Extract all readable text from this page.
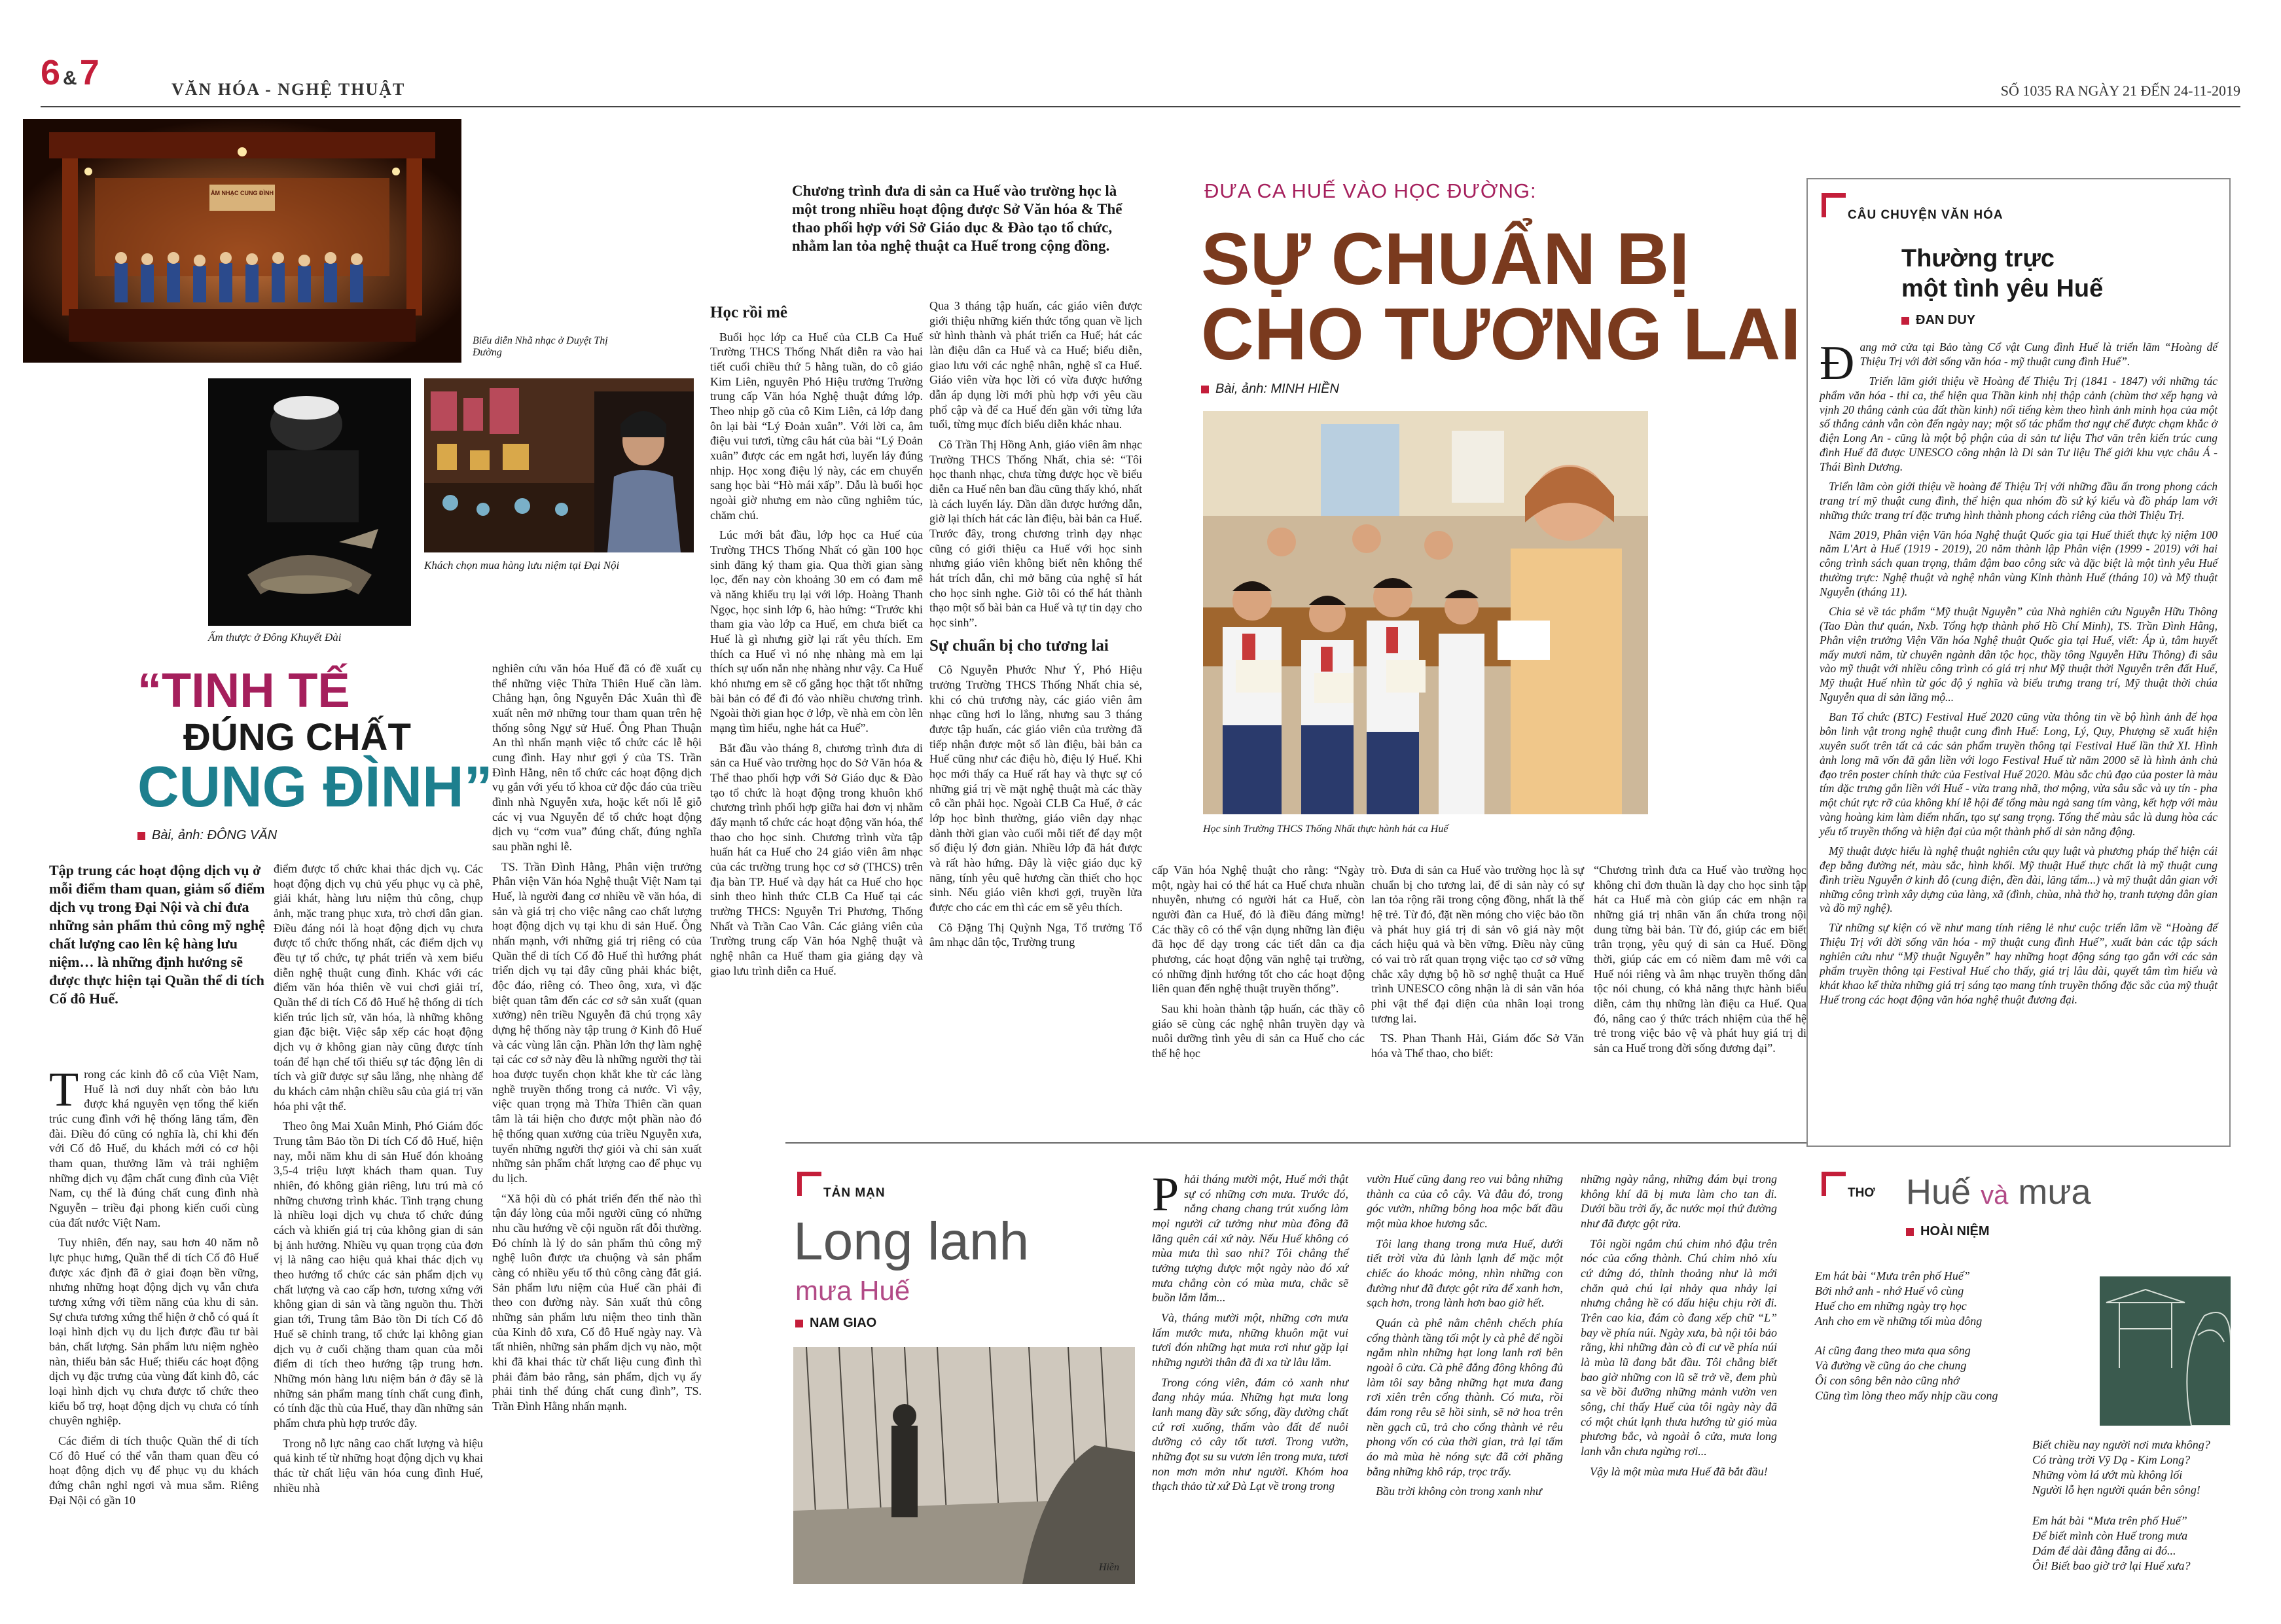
6 &7	VĂN HÓA - NGHỆ THUẬT	SỐ 1035 RA NGÀY 21 ĐẾN 24-11-2019
ÂM NHẠC CUNG ĐÌNH
Biểu diễn Nhã nhạc ở Duyệt Thị Đường
Ấm thược ở Đông Khuyết Đài
Khách chọn mua hàng lưu niệm tại Đại Nội
“TINH TẾ
ĐÚNG CHẤT
CUNG ĐÌNH”
Bài, ảnh: ĐÔNG VĂN
Tập trung các hoạt động dịch vụ ở mỗi điểm tham quan, giảm số điểm dịch vụ trong Đại Nội và chỉ đưa những sản phẩm thủ công mỹ nghệ chất lượng cao lên kệ hàng lưu niệm… là những định hướng sẽ được thực hiện tại Quần thể di tích Cố đô Huế.

Trong các kinh đô cổ của Việt Nam, Huế là nơi duy nhất còn bảo lưu được khá nguyên vẹn tổng thể kiến trúc cung đình với hệ thống lăng tẩm, đền đài. Điều đó cũng có nghĩa là, chỉ khi đến với Cố đô Huế, du khách mới có cơ hội tham quan, thưởng lãm và trải nghiệm những dịch vụ đậm chất cung đình của Việt Nam, cụ thể là đúng chất cung đình nhà Nguyễn – triều đại phong kiến cuối cùng của đất nước Việt Nam.

Tuy nhiên, đến nay, sau hơn 40 năm nỗ lực phục hưng, Quần thể di tích Cố đô Huế được xác định đã ở giai đoạn bền vững, nhưng những hoạt động dịch vụ vẫn chưa tương xứng với tiềm năng của khu di sản. Sự chưa tương xứng thể hiện ở chỗ có quá ít loại hình dịch vụ du lịch được đầu tư bài bản, chất lượng. Sản phẩm lưu niệm nghèo nàn, thiếu bản sắc Huế; thiếu các hoạt động dịch vụ đặc trưng của vùng đất kinh đô, các loại hình dịch vụ chưa được tổ chức theo kiểu bổ trợ, hoạt động dịch vụ chưa có tính chuyên nghiệp.

Các điểm di tích thuộc Quần thể di tích Cố đô Huế có thể vẫn tham quan đều có hoạt động dịch vụ để phục vụ du khách đứng chân nghỉ ngơi và mua sắm. Riêng Đại Nội có gần 10

điểm được tổ chức khai thác dịch vụ. Các hoạt động dịch vụ chủ yếu phục vụ cà phê, giải khát, hàng lưu niệm thủ công, chụp ảnh, mặc trang phục xưa, trò chơi dân gian. Điều đáng nói là hoạt động dịch vụ chưa được tổ chức thống nhất, các điểm dịch vụ đều tự tổ chức, tự phát triển và xem biểu diễn nghệ thuật cung đình. Khác với các điểm văn hóa thiên về vui chơi giải trí, Quần thể di tích Cố đô Huế hệ thống di tích kiến trúc lịch sử, văn hóa, là những không gian đặc biệt. Việc sắp xếp các hoạt động dịch vụ ở không gian này cũng được tính toán để hạn chế tối thiểu sự tác động lên di tích và giữ được sự sâu lắng, nhẹ nhàng để du khách cảm nhận chiều sâu của giá trị văn hóa phi vật thể.

Theo ông Mai Xuân Minh, Phó Giám đốc Trung tâm Bảo tồn Di tích Cố đô Huế, hiện nay, mỗi năm khu di sản Huế đón khoảng 3,5-4 triệu lượt khách tham quan. Tuy nhiên, đó không giản riêng, lưu trú mà có những chương trình khác. Tình trạng chung là nhiều loại dịch vụ chưa tổ chức đúng cách và khiến giá trị của không gian di sản bị ảnh hưởng. Nhiều vụ quan trọng của đơn vị là nâng cao hiệu quả khai thác dịch vụ theo hướng tổ chức các sản phẩm dịch vụ chất lượng và cao cấp hơn, tương xứng với không gian di sản và tầng nguồn thu. Thời gian tới, Trung tâm Bảo tồn Di tích Cố đô Huế sẽ chỉnh trang, tổ chức lại không gian dịch vụ ở cuối chặng tham quan của mỗi điểm di tích theo hướng tập trung hơn. Những món hàng lưu niệm bán ở đây sẽ là những sản phẩm mang tính chất cung đình, có tính đặc thù của Huế, thay dần những sản phẩm chưa phù hợp trước đây.

Trong nỗ lực nâng cao chất lượng và hiệu quả kinh tế từ những hoạt động dịch vụ khai thác từ chất liệu văn hóa cung đình Huế, nhiều nhà

nghiên cứu văn hóa Huế đã có đề xuất cụ thể những việc Thừa Thiên Huế cần làm. Chẳng hạn, ông Nguyễn Đắc Xuân thì đề xuất nên mở những tour tham quan trên hệ thống sông Ngự sử Huế. Ông Phan Thuận An thì nhấn mạnh việc tổ chức các lễ hội cung đình. Hay như gợi ý của TS. Trần Đình Hằng, nên tổ chức các hoạt động dịch vụ gắn với yếu tố khoa cử độc đáo của triều đình nhà Nguyễn xưa, hoặc kết nối lễ giỗ các vị vua Nguyễn để tổ chức hoạt động dịch vụ “cơm vua” đúng chất, đúng nghĩa sau phần nghi lễ.

TS. Trần Đình Hằng, Phân viện trưởng Phân viện Văn hóa Nghệ thuật Việt Nam tại Huế, là người đang cơ nhiều về văn hóa, di sản và giá trị cho việc nâng cao chất lượng hoạt động dịch vụ tại khu di sản Huế. Ông nhấn mạnh, với những giá trị riêng có của Quần thể di tích Cố đô Huế thì hướng phát triển dịch vụ tại đây cũng phải khác biệt, độc đáo, riêng có. Theo ông, xưa, vì đặc biệt quan tâm đến các cơ sở sản xuất (quan xưởng) nên triều Nguyễn đã chú trọng xây dựng hệ thống này tập trung ở Kinh đô Huế và các vùng lân cận. Phần lớn thợ làm nghệ tại các cơ sở này đều là những người thợ tài hoa được tuyển chọn khắt khe từ các làng nghề truyền thống trong cả nước. Vì vậy, việc quan trọng mà Thừa Thiên cần quan tâm là tái hiện cho được một phần nào đó hệ thống quan xưởng của triều Nguyễn xưa, tuyển những người thợ giỏi và chỉ sản xuất những sản phẩm chất lượng cao để phục vụ du lịch.

“Xã hội dù có phát triển đến thế nào thì tận đáy lòng của mỗi người cũng có những nhu cầu hướng về cội nguồn rất đỗi thường. Đó chính là lý do sản phẩm thủ công mỹ nghệ luôn được ưa chuộng và sản phẩm càng có nhiều yếu tố thủ công càng đắt giá. Sản phẩm lưu niệm của Huế cần phải đi theo con đường này. Sản xuất thủ công những sản phẩm lưu niệm theo tinh thần của Kinh đô xưa, Cố đô Huế ngày nay. Và tất nhiên, những sản phẩm dịch vụ nào, một khi đã khai thác từ chất liệu cung đình thì phải đảm bảo rằng, sản phẩm, dịch vụ ấy phải tinh thể đúng chất cung đình”, TS. Trần Đình Hằng nhấn mạnh.

Chương trình đưa di sản ca Huế vào trường học là một trong nhiều hoạt động được Sở Văn hóa & Thể thao phối hợp với Sở Giáo dục & Đào tạo tổ chức, nhằm lan tỏa nghệ thuật ca Huế trong cộng đồng.
Học rồi mê

Buổi học lớp ca Huế của CLB Ca Huế Trường THCS Thống Nhất diễn ra vào hai tiết cuối chiều thứ 5 hằng tuần, do cô giáo Kim Liên, nguyên Phó Hiệu trưởng Trường trung cấp Văn hóa Nghệ thuật đứng lớp. Theo nhịp gõ của cô Kim Liên, cả lớp đang ôn lại bài “Lý Đoản xuân”. Với lời ca, âm điệu vui tươi, từng câu hát của bài “Lý Đoản xuân” được các em ngắt hơi, luyến láy đúng nhịp. Học xong điệu lý này, các em chuyển sang học bài “Hò mái xấp”. Dẫu là buổi học ngoài giờ nhưng em nào cũng nghiêm túc, chăm chú.

Lúc mới bắt đầu, lớp học ca Huế của Trường THCS Thống Nhất có gần 100 học sinh đăng ký tham gia. Qua thời gian sàng lọc, đến nay còn khoảng 30 em có đam mê và năng khiếu trụ lại với lớp. Hoàng Thanh Ngọc, học sinh lớp 6, hào hứng: “Trước khi tham gia vào lớp ca Huế, em chưa biết ca Huế là gì nhưng giờ lại rất yêu thích. Em thích ca Huế vì nó nhẹ nhàng mà em lại thích sự uốn nắn nhẹ nhàng như vậy. Ca Huế khó nhưng em sẽ cố gắng học thật tốt những bài bản có để đi đó vào nhiều chương trình. Ngoài thời gian học ở lớp, về nhà em còn lên mạng tìm hiểu, nghe hát ca Huế”.

Bắt đầu vào tháng 8, chương trình đưa di sản ca Huế vào trường học do Sở Văn hóa & Thể thao phối hợp với Sở Giáo dục & Đào tạo tổ chức là hoạt động trong khuôn khổ chương trình phối hợp giữa hai đơn vị nhằm đẩy mạnh tổ chức các hoạt động văn hóa, thể thao cho học sinh. Chương trình vừa tập huấn hát ca Huế cho 24 giáo viên âm nhạc của các trường trung học cơ sở (THCS) trên địa bàn TP. Huế và dạy hát ca Huế cho học sinh theo hình thức CLB Ca Huế tại các trường THCS: Nguyễn Tri Phương, Thống Nhất và Trần Cao Vân. Các giảng viên của Trường trung cấp Văn hóa Nghệ thuật và nghệ nhân ca Huế tham gia giảng dạy và giao lưu trình diễn ca Huế.

Qua 3 tháng tập huấn, các giáo viên được giới thiệu những kiến thức tổng quan về lịch sử hình thành và phát triển ca Huế; hát các làn điệu dân ca Huế và ca Huế; biểu diễn, giao lưu với các nghệ nhân, nghệ sĩ ca Huế. Giáo viên vừa học lời có vừa được hướng dẫn áp dụng lời mới phù hợp với yêu cầu phổ cập và để ca Huế đến gần với từng lứa tuổi, từng mục đích biểu diễn khác nhau.

Cô Trần Thị Hồng Anh, giáo viên âm nhạc Trường THCS Thống Nhất, chia sẻ: “Tôi học thanh nhạc, chưa từng được học về biểu diễn ca Huế nên ban đầu cũng thấy khó, nhất là cách luyến láy. Dần dần được hướng dẫn, giờ lại thích hát các làn điệu, bài bản ca Huế. Trước đây, trong chương trình dạy nhạc cũng có giới thiệu ca Huế với học sinh nhưng giáo viên không biết nên không thể hát trích dẫn, chỉ mở băng của nghệ sĩ hát cho học sinh nghe. Giờ tôi có thể hát thành thạo một số bài bản ca Huế và tự tin dạy cho học sinh”.

Sự chuẩn bị cho tương lai

Cô Nguyễn Phước Như Ý, Phó Hiệu trưởng Trường THCS Thống Nhất chia sẻ, khi có chủ trương này, các giáo viên âm nhạc cũng hơi lo lắng, nhưng sau 3 tháng được tập huấn, các giáo viên của trường đã tiếp nhận được một số làn điệu, bài bản ca Huế cũng như các điệu hò, điệu lý Huế. Khi học mới thấy ca Huế rất hay và thực sự có những giá trị về mặt nghệ thuật mà các thầy cô cần phải học. Ngoài CLB Ca Huế, ở các lớp học bình thường, giáo viên dạy nhạc dành thời gian vào cuối mỗi tiết để dạy một số điệu lý đơn giản. Nhiều lớp đã hát được và rất hào hứng. Đây là việc giáo dục kỹ năng, tính yêu quê hương cần thiết cho học sinh. Nếu giáo viên khơi gợi, truyền lửa được cho các em thì các em sẽ yêu thích.

Cô Đặng Thị Quỳnh Nga, Tổ trưởng Tổ âm nhạc dân tộc, Trường trung

ĐƯA CA HUẾ VÀO HỌC ĐƯỜNG:
SỰ CHUẨN BỊ
CHO TƯƠNG LAI
Bài, ảnh: MINH HIỀN
Học sinh Trường THCS Thống Nhất thực hành hát ca Huế

cấp Văn hóa Nghệ thuật cho rằng: “Ngày một, ngày hai có thể hát ca Huế chưa nhuần nhuyễn, nhưng có người hát ca Huế, còn người đàn ca Huế, đó là điều đáng mừng! Các thầy cô có thể vận dụng những làn điệu đã học để dạy trong các tiết dân ca địa phương, các hoạt động văn nghệ tại trường, có những định hướng tốt cho các hoạt động liên quan đến nghệ thuật truyền thống”.

Sau khi hoàn thành tập huấn, các thầy cô giáo sẽ cùng các nghệ nhân truyền dạy và nuôi dưỡng tình yêu di sản ca Huế cho các thế hệ học

trò. Đưa di sản ca Huế vào trường học là sự chuẩn bị cho tương lai, để di sản này có sự lan tỏa rộng rãi trong cộng đồng, nhất là thế hệ trẻ. Từ đó, đặt nền móng cho việc bảo tồn và phát huy giá trị di sản vô giá này một cách hiệu quả và bền vững. Điều này cũng có vai trò rất quan trọng việc tạo cơ sở vững chắc xây dựng bộ hồ sơ nghệ thuật ca Huế trình UNESCO công nhận là di sản văn hóa phi vật thể đại diện của nhân loại trong tương lai.

TS. Phan Thanh Hải, Giám đốc Sở Văn hóa và Thể thao, cho biết:

“Chương trình đưa ca Huế vào trường học không chỉ đơn thuần là dạy cho học sinh tập hát ca Huế mà còn giúp các em nhận ra những giá trị nhân văn ẩn chứa trong nội dung từng bài bản. Từ đó, giúp các em biết trân trọng, yêu quý di sản ca Huế. Đồng thời, giúp các em có niềm đam mê với ca Huế nói riêng và âm nhạc truyền thống dân tộc nói chung, có khả năng thực hành biểu diễn, cảm thụ những làn điệu ca Huế. Qua đó, nâng cao ý thức trách nhiệm của thế hệ trẻ trong việc bảo vệ và phát huy giá trị di sản ca Huế trong đời sống đương đại”.

CÂU CHUYỆN VĂN HÓA
Thường trực
một tình yêu Huế
ĐAN DUY

Đang mở cửa tại Bảo tàng Cổ vật Cung đình Huế là triển lãm “Hoàng đế Thiệu Trị với đời sống văn hóa - mỹ thuật cung đình Huế”.

Triển lãm giới thiệu về Hoàng đế Thiệu Trị (1841 - 1847) với những tác phẩm văn hóa - thi ca, thể hiện qua Thần kinh nhị thập cảnh (chùm thơ xếp hạng và vịnh 20 thắng cảnh của đất thần kinh) nổi tiếng kèm theo hình ảnh minh họa của một số thắng cảnh vẫn còn đến ngày nay; một số tác phẩm thơ ngự chế được chạm khắc ở điện Long An - cũng là một bộ phận của di sản tư liệu Thơ văn trên kiến trúc cung đình Huế đã được UNESCO công nhận là Di sản Tư liệu Thế giới khu vực châu Á - Thái Bình Dương.

Triển lãm còn giới thiệu về hoàng đế Thiệu Trị với những đầu ấn trong phong cách trang trí mỹ thuật cung đình, thể hiện qua nhóm đồ sứ ký kiểu và đồ pháp lam với những thức trang trí đặc trưng hình thành phong cách riêng của thời Thiệu Trị.

Năm 2019, Phân viện Văn hóa Nghệ thuật Quốc gia tại Huế thiết thực kỷ niệm 100 năm L'Art à Huế (1919 - 2019), 20 năm thành lập Phân viện (1999 - 2019) với hai công trình sách quan trọng, thâm đậm bao công sức và đặc biệt là một tình yêu Huế thường trực: Nghệ thuật và nghệ nhân vùng Kinh thành Huế (tháng 10) và Mỹ thuật Nguyễn (tháng 11).

Chia sẻ về tác phẩm “Mỹ thuật Nguyễn” của Nhà nghiên cứu Nguyễn Hữu Thông (Tao Đàn thư quán, Nxb. Tổng hợp thành phố Hồ Chí Minh), TS. Trần Đình Hằng, Phân viện trưởng Viện Văn hóa Nghệ thuật Quốc gia tại Huế, viết: Áp ủ, tâm huyết mấy mươi năm, từ chuyên ngành dân tộc học, thầy tông Nguyễn Hữu Thông) đi sâu vào mỹ thuật với nhiều công trình có giá trị như Mỹ thuật thời Nguyễn trên đất Huế, Mỹ thuật Huế nhìn từ góc độ ý nghĩa và biểu trưng trang trí, Mỹ thuật thời chúa Nguyễn qua di sản lăng mộ...

Ban Tổ chức (BTC) Festival Huế 2020 cũng vừa thông tin về bộ hình ảnh để họa bôn linh vật trong nghệ thuật cung đình Huế: Long, Lý, Quy, Phượng sẽ xuất hiện xuyên suốt trên tất cả các sản phẩm truyền thông tại Festival Huế lần thứ XI. Hình ảnh long mã vốn đã gắn liền với logo Festival Huế từ năm 2000 sẽ là hình ảnh chủ đạo trên poster chính thức của Festival Huế 2020. Màu sắc chủ đạo của poster là màu tím đặc trưng gắn liền với Huế - vừa trang nhã, thơ mộng, vừa sâu sắc và uy tín - pha một chút rực rỡ của không khí lễ hội để tổng màu ngả sang tím vàng, kết hợp với màu vàng hoàng kim làm điểm nhấn, tạo sự sang trọng. Tổng thể màu sắc là dung hòa các yếu tố truyền thống và hiện đại của một thành phố di sản năng động.

Mỹ thuật được hiểu là nghệ thuật nghiên cứu quy luật và phương pháp thể hiện cái đẹp bằng đường nét, màu sắc, hình khối. Mỹ thuật Huế thực chất là mỹ thuật cung đình triều Nguyễn ở kinh đô (cung điện, đền đài, lăng tẩm...) và mỹ thuật dân gian với những công trình xây dựng của làng, xã (đình, chùa, nhà thờ họ, tranh tượng dân gian và đồ mỹ nghệ).

Từ những sự kiện có về như mang tính riêng lẻ như cuộc triển lãm về “Hoàng đế Thiệu Trị với đời sống văn hóa - mỹ thuật cung đình Huế”, xuất bản các tập sách nghiên cứu như “Mỹ thuật Nguyễn” hay những hoạt động sáng tạo gắn với các sản phẩm truyền thông tại Festival Huế cho thấy, giá trị lâu dài, quyết tâm tìm hiểu và khát khao kể thừa những giá trị sáng tạo mang tính truyền thống đặc sắc của mỹ thuật Huế trong các hoạt động văn hóa nghệ thuật đương đại.

TẢN MẠN
Long lanh
mưa Huế
NAM GIAO
Hiền

Phải tháng mười một, Huế mới thật sự có những cơn mưa. Trước đó, nắng chang chang trút xuống làm mọi người cứ tưởng như mùa đông đã lãng quên cái xứ này. Nếu Huế không có mùa mưa thì sao nhỉ? Tôi chẳng thể tưởng tượng được một ngày nào đó xứ mưa chẳng còn có mùa mưa, chắc sẽ buồn lắm lắm...

Và, tháng mười một, những cơn mưa lấm mước mưa, những khuôn mặt vui tươi đón những hạt mưa rơi như gặp lại những người thân đã đi xa từ lâu lắm.

Trong cóng viên, đám cỏ xanh như đang nhảy múa. Những hạt mưa long lanh mang đầy sức sống, đầy dường chất cứ rơi xuống, thấm vào đất để nuôi dưỡng cỏ cây tốt tươi. Trong vườn, những đọt su su vươn lên trong mưa, tươi non mơn mởn như người. Khóm hoa thạch thảo từ xứ Đà Lạt về trong trong

vườn Huế cũng đang reo vui bằng những thành ca của cô cây. Và đâu đó, trong góc vườn, những bông hoa mộc bất đầu một mùa khoe hương sắc.

Tôi lang thang trong mưa Huế, dưới tiết trời vừa đủ lành lạnh để mặc một chiếc áo khoác mỏng, nhìn những con đường như đã được gột rửa để xanh hơn, sạch hơn, trong lành hơn bao giờ hết.

Quán cà phê nằm chênh chếch phía cổng thành tầng tối một ly cà phê để ngồi ngắm nhìn những hạt long lanh rơi bên ngoài ô cửa. Cà phê đắng đông không đủ làm tôi say bằng những hạt mưa đang rơi xiên trên cổng thành. Có mưa, rồi đám rong rêu sẽ hồi sinh, sẽ nở hoa trên nền gạch cũ, trả cho cổng thành vẻ rêu phong vốn có của thời gian, trả lại tấm áo mà mùa hè nóng sực đã cởi phăng bằng những khô ráp, trọc trấy.

Bầu trời không còn trong xanh như

những ngày nắng, những đám bụi trong không khí đã bị mưa làm cho tan đi. Dưới bầu trời ấy, ắc nước mọi thứ đường như đã được gột rửa.

Tôi ngồi ngắm chú chim nhỏ đậu trên nóc của cổng thành. Chú chim nhỏ xíu cứ đứng đó, thỉnh thoảng như là mới chăn quả chú lại nhảy qua nhảy lại nhưng chẳng hề có dấu hiệu chịu rời đi. Trên cao kia, đám cò đang xếp chữ “L” bay về phía núi. Ngày xưa, bà nội tôi bảo rằng, khi những đàn cò đi cư về phía núi là mùa lũ đang bắt đầu. Tôi chẳng biết bao giờ những con lũ sẽ trở về, đem phù sa về bồi đưỡng những mảnh vườn ven sông, chỉ thấy Huế của tôi ngày này đã có một chút lạnh thưa hướng từ gió mùa phương bắc, và ngoài ô cửa, mưa long lanh vẫn chưa ngừng rơi...

Vậy là một mùa mưa Huế đã bắt đầu!

THƠ Huế và mưa
HOÀI NIỆM
Em hát bài “Mưa trên phố Huế”
Bởi nhớ anh - nhớ Huế vô cùng
Huế cho em những ngày trọ học
Anh cho em về những tối mùa đông
Ai cũng đang theo mưa qua sông
Và đường về cũng áo che chung
Ôi con sông bên nào cũng nhớ
Cũng tìm lòng theo mấy nhịp cầu cong
Biết chiều nay người nơi mưa không?
Có tràng trời Vỹ Dạ - Kim Long?
Những vòm lá ướt mù không lối
Người lỗ hẹn người quán bên sông!
Em hát bài “Mưa trên phố Huế”
Để biết mình còn Huế trong mưa
Dám để dài đằng đẵng ai đó...
Ôi! Biết bao giờ trở lại Huế xưa?
